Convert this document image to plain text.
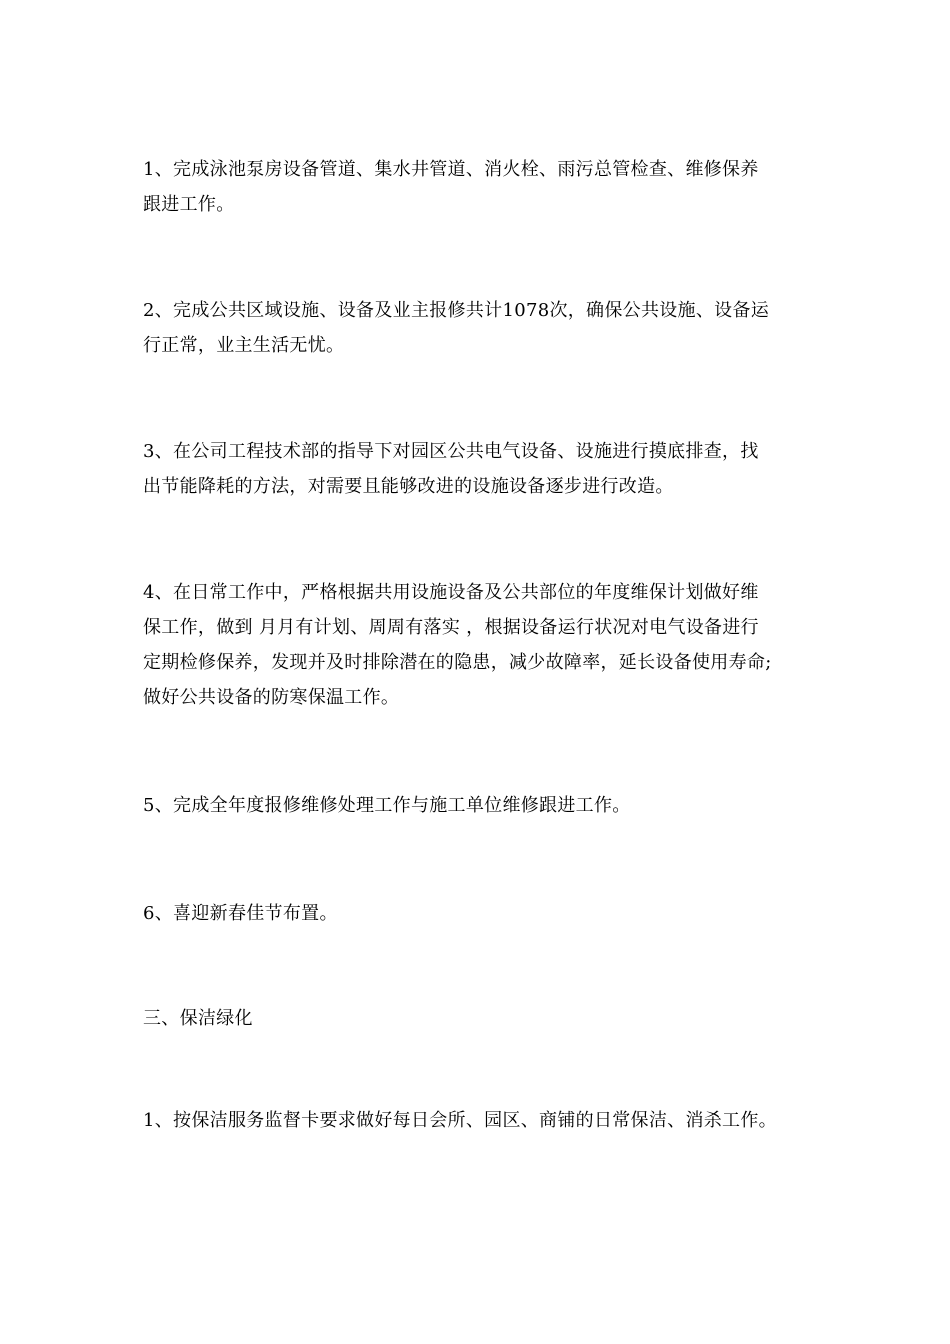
1、完成泳池泵房设备管道、集水井管道、消火栓、雨污总管检查、维修保养
跟进工作。

2、完成公共区域设施、设备及业主报修共计1078次，确保公共设施、设备运
行正常，业主生活无忧。

3、在公司工程技术部的指导下对园区公共电气设备、设施进行摸底排查，找
出节能降耗的方法，对需要且能够改进的设施设备逐步进行改造。

4、在日常工作中，严格根据共用设施设备及公共部位的年度维保计划做好维
保工作，做到 月月有计划、周周有落实 ，根据设备运行状况对电气设备进行
定期检修保养，发现并及时排除潜在的隐患，减少故障率，延长设备使用寿命;
做好公共设备的防寒保温工作。

5、完成全年度报修维修处理工作与施工单位维修跟进工作。

6、喜迎新春佳节布置。

三、保洁绿化

1、按保洁服务监督卡要求做好每日会所、园区、商铺的日常保洁、消杀工作。
